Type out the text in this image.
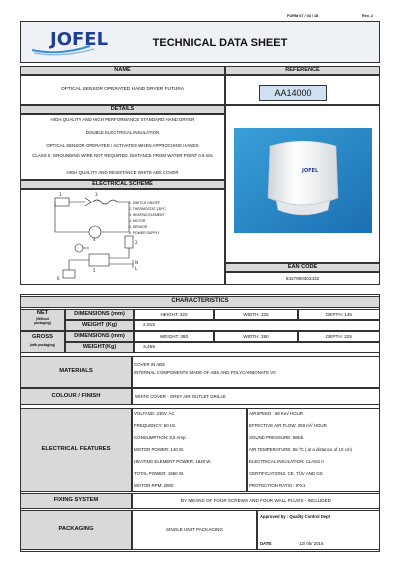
FORM 07 / 03 / 18	Rev. 2
JOFEL	TECHNICAL DATA SHEET
NAME	REFERENCE
OPTICAL SENSOR OPERATED HAND DRYER FUTURA	AA14000
DETAILS
HIGH QUALITY AND HIGH PERFORMANCE STANDARD HAND DRYER
DOUBLE ELECTRICAL INSULATION
OPTICAL SENSOR OPERATED / ACTIVATES WHEN APPROCHING HANDS
CLASS II: GROUNDING WIRE NOT REQUIRED. DISTANCE FROM WATER POINT 0.6 mts
HIGH QUALITY AND RESISTANCE WHITE ABS COVER
ELECTRICAL SCHEME
1	3
4
2
5
6
N
L
1. SWITCH ON/OFF
2. THERMOSTAT 130ºC
3. HEATING ELEMENT
4. MOTOR
5. SENSOR
6. POWER SUPPLY
JOFEL
EAN CODE
8427950303432
CHARACTERISTICS
NET
(Without packaging)
DIMENSIONS (mm)	HEIGHT: 320	WIDTH: 225	DEPTH: 145
WEIGHT (Kg)	2,915
GROSS
(with packaging)
DIMENSIONS (mm)	WEIGHT: 380	WIDTH: 290	DEPTH: 225
WEIGHT(Kg)	3,455
MATERIALS
COVER IN ABS
INTERNAL COMPONENTS MADE OF ABS AND POLYCARBONATE V0
COLOUR / FINISH	WHITE COVER - GREY AIR OUTLET GRILLE
ELECTRICAL FEATURES
VOLTAGE: 230V. AC
FREQUENCY: 50 Hz.
CONSUMPTION: 8,5 Amp.
MOTOR POWER: 140 W.
HEATING ELEMENT POWER: 1820 W.
TOTAL POWER: 1960 W.
MOTOR RPM: 2800
AIRSPEED : 68 Km/ HOUR
EFFECTIVE AIR FLOW: 250 m³/ HOUR
SOUND PRESSURE: 58Db.
AIR TEMPERATURE: 55 ºC ( at a distance of 10 cm)
ELECTRICAL INSULATION: CLASS II
CERTIFICATIONS: CE, TÜV AND GS
PROTECTION RATIO : IPX1
FIXING SYSTEM	BY MEANS OF FOUR SCREWS AND FOUR WALL PLUGS - INCLUDED
PACKAGING	SINGLE UNIT PACKAGING
Approved by : Quality Control Dept
DATE:	12/ 05/ 2015
